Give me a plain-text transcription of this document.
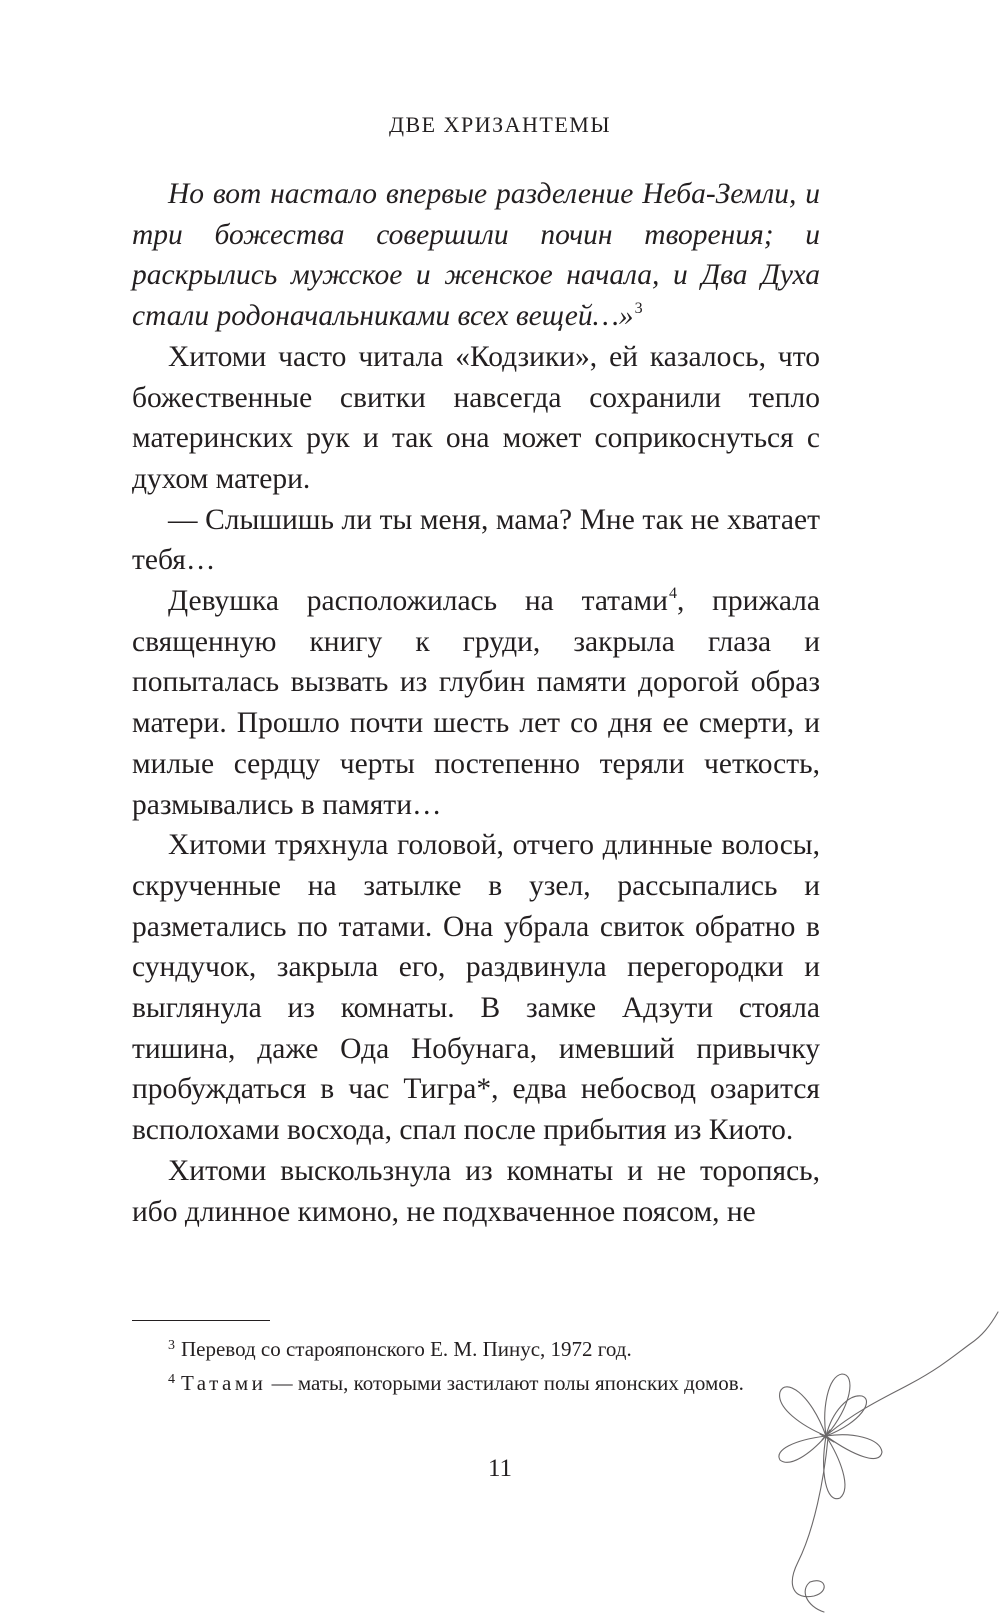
ДВЕ ХРИЗАНТЕМЫ

Но вот настало впервые разделение Неба-Земли, и три божества совершили почин творения; и раскрылись мужское и женское начала, и Два Духа стали родоначальниками всех вещей…»$^3$

Хитоми часто читала «Кодзики», ей казалось, что божественные свитки навсегда сохранили тепло материнских рук и так она может соприкоснуться с духом матери.

— Слышишь ли ты меня, мама? Мне так не хватает тебя…

Девушка расположилась на татами$^4$, прижала священную книгу к груди, закрыла глаза и попыталась вызвать из глубин памяти дорогой образ матери. Прошло почти шесть лет со дня ее смерти, и милые сердцу черты постепенно теряли четкость, размывались в памяти…

Хитоми тряхнула головой, отчего длинные волосы, скрученные на затылке в узел, рассыпались и разметались по татами. Она убрала свиток обратно в сундучок, закрыла его, раздвинула перегородки и выглянула из комнаты. В замке Адзути стояла тишина, даже Ода Нобунага, имевший привычку пробуждаться в час Тигра*, едва небосвод озарится всполохами восхода, спал после прибытия из Киото.

Хитоми выскользнула из комнаты и не торопясь, ибо длинное кимоно, не подхваченное поясом, не

$^3$ Перевод со старояпонского Е. М. Пинус, 1972 год.

$^4$ Татами — маты, которыми застилают полы японских домов.

11
